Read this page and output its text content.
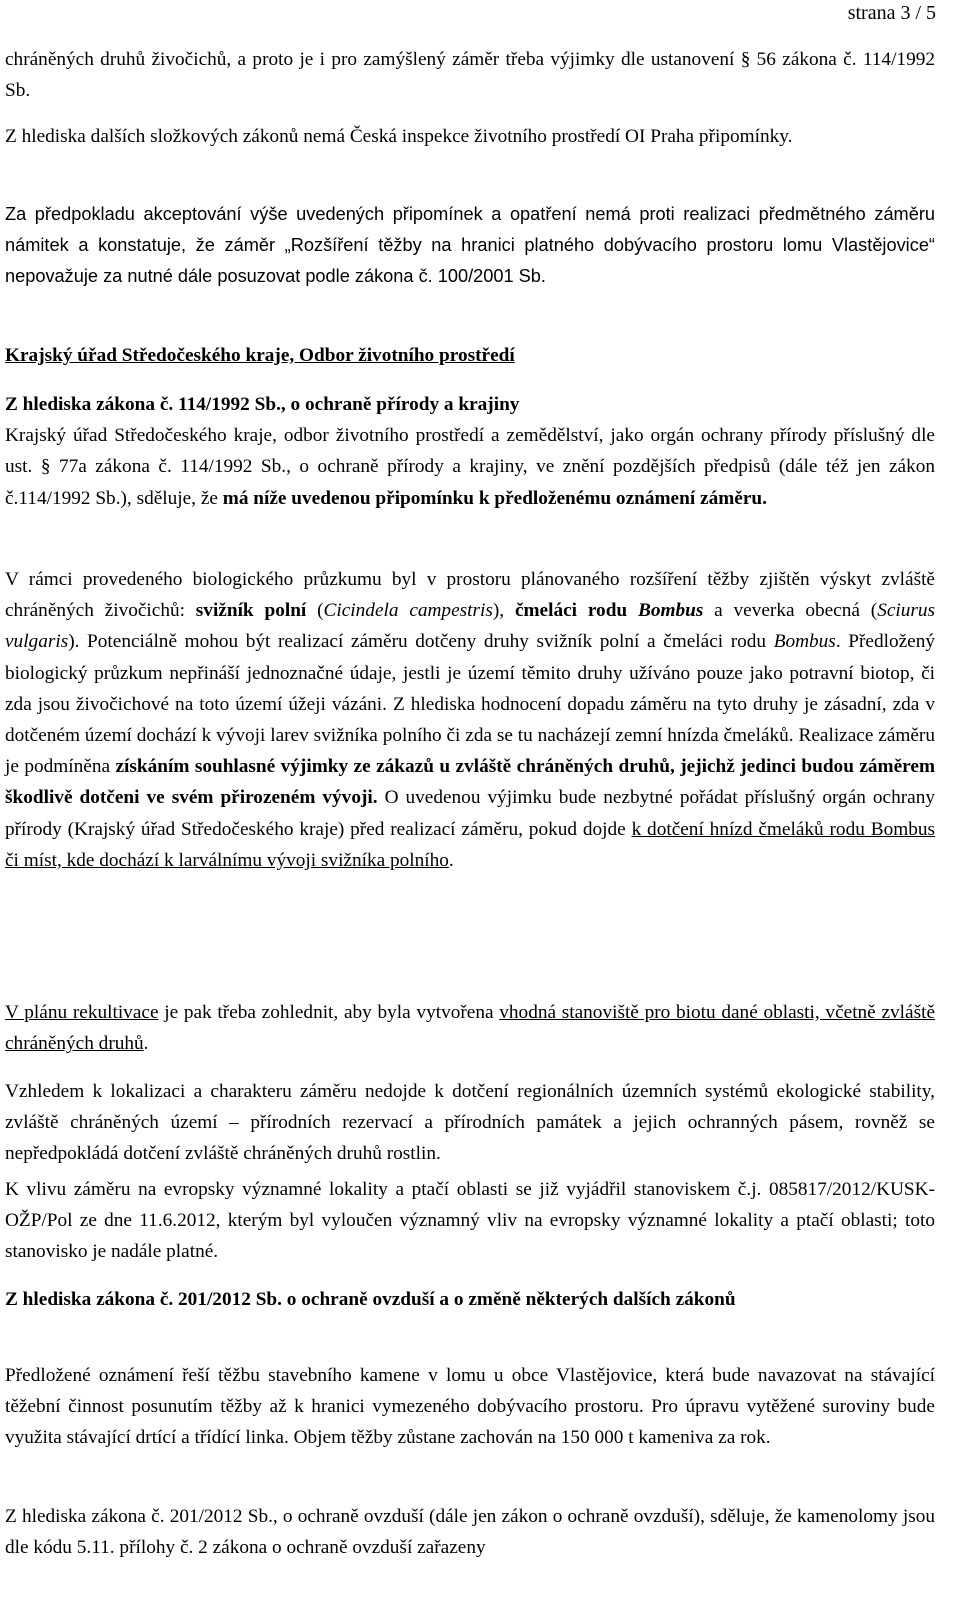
strana 3 / 5

chráněných druhů živočichů, a proto je i pro zamýšlený záměr třeba výjimky dle ustanovení § 56 zákona č. 114/1992 Sb.

Z hlediska dalších složkových zákonů nemá Česká inspekce životního prostředí OI Praha připomínky.

Za předpokladu akceptování výše uvedených připomínek a opatření nemá proti realizaci předmětného záměru námitek a konstatuje, že záměr „Rozšíření těžby na hranici platného dobývacího prostoru lomu Vlastějovice“ nepovažuje za nutné dále posuzovat podle zákona č. 100/2001 Sb.

Krajský úřad Středočeského kraje, Odbor životního prostředí

Z hlediska zákona č. 114/1992 Sb., o ochraně přírody a krajiny
Krajský úřad Středočeského kraje, odbor životního prostředí a zemědělství, jako orgán ochrany přírody příslušný dle ust. § 77a zákona č. 114/1992 Sb., o ochraně přírody a krajiny, ve znění pozdějších předpisů (dále též jen zákon č.114/1992 Sb.), sděluje, že má níže uvedenou připomínku k předloženému oznámení záměru.

V rámci provedeného biologického průzkumu byl v prostoru plánovaného rozšíření těžby zjištěn výskyt zvláště chráněných živočichů: svižník polní (Cicindela campestris), čmeláci rodu Bombus a veverka obecná (Sciurus vulgaris). Potenciálně mohou být realizací záměru dotčeny druhy svižník polní a čmeláci rodu Bombus. Předložený biologický průzkum nepřináší jednoznačné údaje, jestli je území těmito druhy užíváno pouze jako potravní biotop, či zda jsou živočichové na toto území úžeji vázáni. Z hlediska hodnocení dopadu záměru na tyto druhy je zásadní, zda v dotčeném území dochází k vývoji larev svižníka polního či zda se tu nacházejí zemní hnízda čmeláků. Realizace záměru je podmíněna získáním souhlasné výjimky ze zákazů u zvláště chráněných druhů, jejichž jedinci budou záměrem škodlivě dotčeni ve svém přirozeném vývoji. O uvedenou výjimku bude nezbytné pořádat příslušný orgán ochrany přírody (Krajský úřad Středočeského kraje) před realizací záměru, pokud dojde k dotčení hnízd čmeláků rodu Bombus či míst, kde dochází k larválnímu vývoji svižníka polního.

V plánu rekultivace je pak třeba zohlednit, aby byla vytvořena vhodná stanoviště pro biotu dané oblasti, včetně zvláště chráněných druhů.

Vzhledem k lokalizaci a charakteru záměru nedojde k dotčení regionálních územních systémů ekologické stability, zvláště chráněných území – přírodních rezervací a přírodních památek a jejich ochranných pásem, rovněž se nepředpokládá dotčení zvláště chráněných druhů rostlin.

K vlivu záměru na evropsky významné lokality a ptačí oblasti se již vyjádřil stanoviskem č.j. 085817/2012/KUSK-OŽP/Pol ze dne 11.6.2012, kterým byl vyloučen významný vliv na evropsky významné lokality a ptačí oblasti; toto stanovisko je nadále platné.

Z hlediska zákona č. 201/2012 Sb. o ochraně ovzduší a o změně některých dalších zákonů

Předložené oznámení řeší těžbu stavebního kamene v lomu u obce Vlastějovice, která bude navazovat na stávající těžební činnost posunutím těžby až k hranici vymezeného dobývacího prostoru. Pro úpravu vytěžené suroviny bude využita stávající drtící a třídící linka. Objem těžby zůstane zachován na 150 000 t kameniva za rok.

Z hlediska zákona č. 201/2012 Sb., o ochraně ovzduší (dále jen zákon o ochraně ovzduší), sděluje, že kamenolomy jsou dle kódu 5.11. přílohy č. 2 zákona o ochraně ovzduší zařazeny
